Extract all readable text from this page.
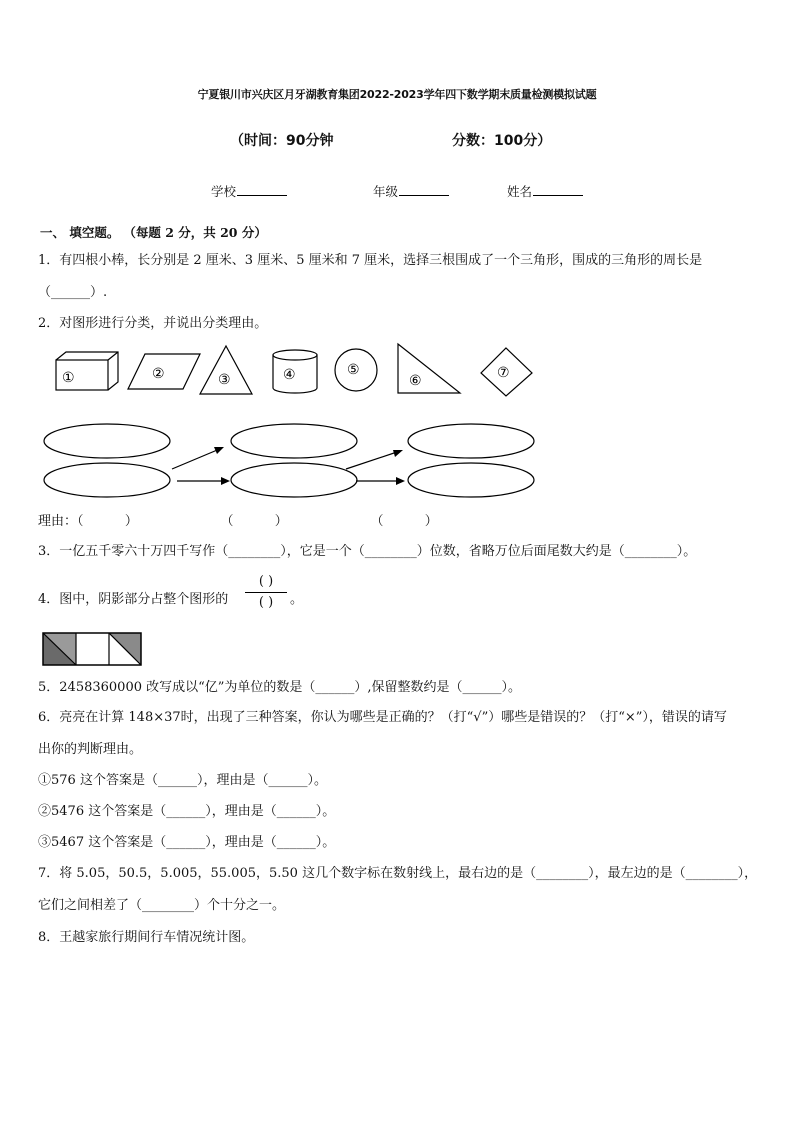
宁夏银川市兴庆区月牙湖教育集团2022-2023学年四下数学期末质量检测模拟试题
（时间：90分钟	分数：100分）
学校	年级	姓名
一、 填空题。 （每题 2 分，共 20 分）
1．有四根小棒，长分别是 2 厘米、3 厘米、5 厘米和 7 厘米，选择三根围成了一个三角形，围成的三角形的周长是
（______）.
2．对图形进行分类，并说出分类理由。
①	②	③	④	⑤
⑥	⑦
理由：（          ）                    （          ）                    （          ）
3．一亿五千零六十万四千写作（________），它是一个（________）位数，省略万位后面尾数大约是（________）。
4．图中，阴影部分占整个图形的
( )
( )	。
5．2458360000 改写成以“亿”为单位的数是（______）,保留整数约是（______）。
6．亮亮在计算 148×37时，出现了三种答案，你认为哪些是正确的？（打“√”）哪些是错误的？（打“×”），错误的请写
出你的判断理由。
①576 这个答案是（______），理由是（______）。
②5476 这个答案是（______），理由是（______）。
③5467 这个答案是（______），理由是（______）。
7．将 5.05，50.5，5.005，55.005，5.50 这几个数字标在数射线上，最右边的是（________），最左边的是（________），
它们之间相差了（________）个十分之一。
8．王越家旅行期间行车情况统计图。
